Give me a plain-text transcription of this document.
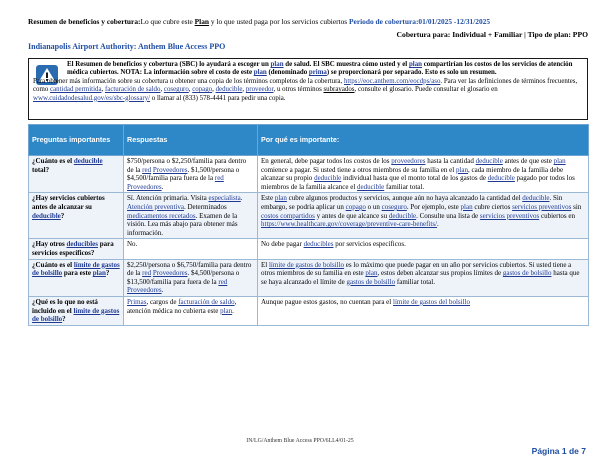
Resumen de beneficios y cobertura:Lo que cubre este Plan y lo que usted paga por los servicios cubiertos Periodo de cobertura:01/01/2025 -12/31/2025
Cobertura para: Individual + Familiar | Tipo de plan: PPO
Indianapolis Airport Authority: Anthem Blue Access PPO
El Resumen de beneficios y cobertura (SBC) lo ayudará a escoger un plan de salud. El SBC muestra cómo usted y el plan compartirían los costos de los servicios de atención médica cubiertos. NOTA: La información sobre el costo de este plan (denominado prima) se proporcionará por separado. Esto es solo un resumen.
Para obtener más información sobre su cobertura u obtener una copia de los términos completos de la cobertura, https://eoc.anthem.com/eocdps/aso. Para ver las definiciones de términos frecuentes, como cantidad permitida, facturación de saldo, coseguro, copago, deducible, proveedor, u otros términos subrayados, consulte el glosario. Puede consultar el glosario en www.cuidadodesalud.gov/es/sbc-glossary/ o llamar al (833) 578-4441 para pedir una copia.
Preguntas importantes	Respuestas	Por qué es importante:
¿Cuánto es el deducible total?	$750/persona o $2,250/familia para dentro de la red Proveedores. $1,500/persona o $4,500/familia para fuera de la red Proveedores.	En general, debe pagar todos los costos de los proveedores hasta la cantidad deducible antes de que este plan comience a pagar. Si usted tiene a otros miembros de su familia en el plan, cada miembro de la familia debe alcanzar su propio deducible individual hasta que el monto total de los gastos de deducible pagado por todos los miembros de la familia alcance el deducible familiar total.
¿Hay servicios cubiertos antes de alcanzar su deducible?	Sí. Atención primaria. Visita especialista. Atención preventiva. Determinados medicamentos recetados. Examen de la visión. Lea más abajo para obtener más información.	Este plan cubre algunos productos y servicios, aunque aún no haya alcanzado la cantidad del deducible. Sin embargo, se podría aplicar un copago o un coseguro. Por ejemplo, este plan cubre ciertos servicios preventivos sin costos compartidos y antes de que alcance su deducible. Consulte una lista de servicios preventivos cubiertos en https://www.healthcare.gov/coverage/preventive-care-benefits/.
¿Hay otros deducibles para servicios específicos?	No.	No debe pagar deducibles por servicios específicos.
¿Cuánto es el límite de gastos de bolsillo para este plan?	$2,250/persona o $6,750/familia para dentro de la red Proveedores. $4,500/persona o $13,500/familia para fuera de la red Proveedores.	El límite de gastos de bolsillo es lo máximo que puede pagar en un año por servicios cubiertos. Si usted tiene a otros miembros de su familia en este plan, estos deben alcanzar sus propios límites de gastos de bolsillo hasta que se haya alcanzado el límite de gastos de bolsillo familiar total.
¿Qué es lo que no está incluido en el límite de gastos de bolsillo?	Primas, cargos de facturación de saldo, atención médica no cubierta este plan.	Aunque pague estos gastos, no cuentan para el límite de gastos del bolsillo
IN/LG/Anthem Blue Access PPO/6LL4/01-25
Página 1 de 7
